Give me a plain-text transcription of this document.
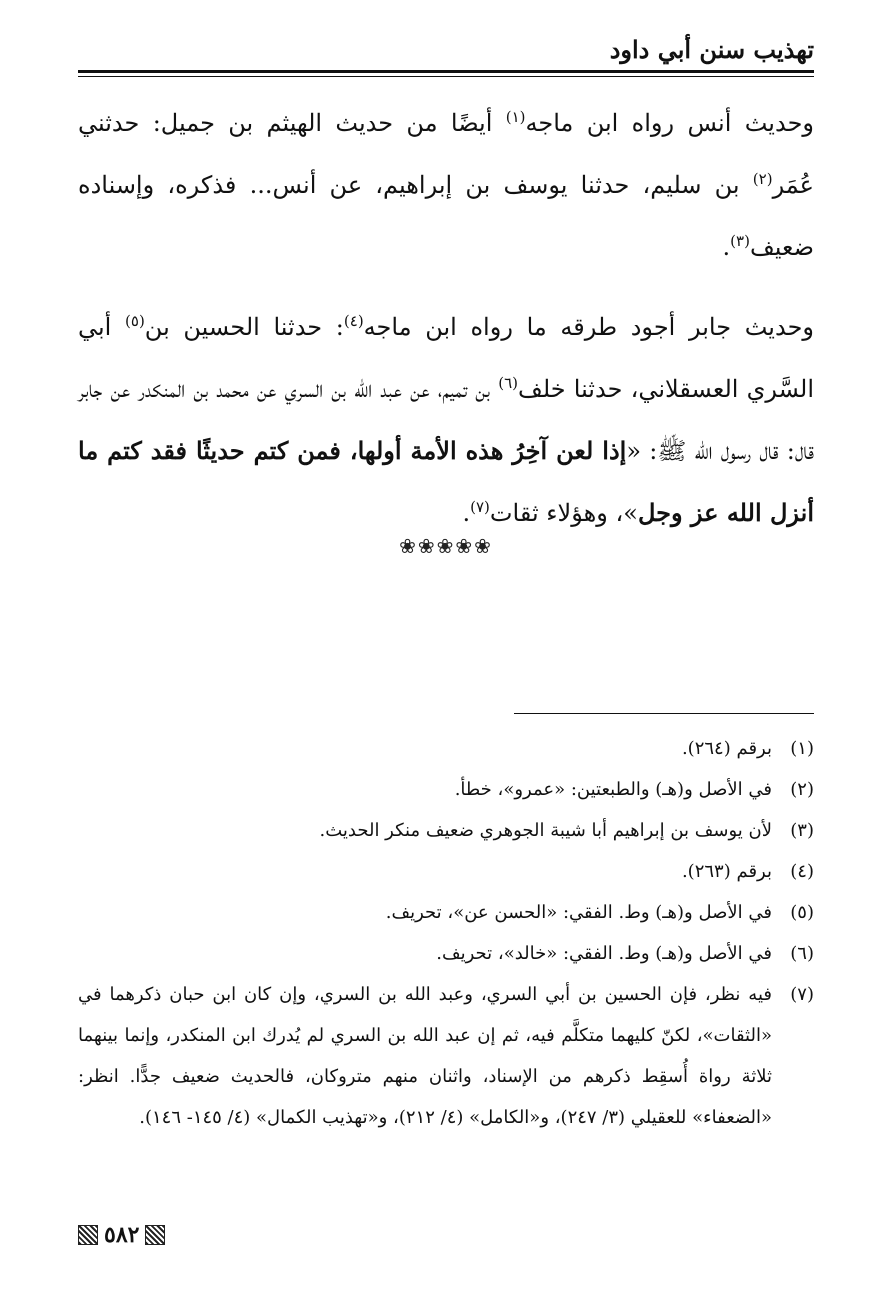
تهذيب سنن أبي داود

وحديث أنس رواه ابن ماجه$^{(١)}$ أيضًا من حديث الهيثم بن جميل: حدثني عُمَر$^{(٢)}$ بن سليم، حدثنا يوسف بن إبراهيم، عن أنس... فذكره، وإسناده ضعيف$^{(٣)}$.

وحديث جابر أجود طرقه ما رواه ابن ماجه$^{(٤)}$: حدثنا الحسين بن$^{(٥)}$ أبي السَّري العسقلاني، حدثنا خلف$^{(٦)}$ بن تميم، عن عبد الله بن السري عن محمد بن المنكدر عن جابر قال: قال رسول الله ﷺ: «إذا لعن آخِرُ هذه الأمة أولها، فمن كتم حديثًا فقد كتم ما أنزل الله عز وجل»، وهؤلاء ثقات$^{(٧)}$.

❀❀❀❀❀
(١)
برقم (٢٦٤).
(٢)
في الأصل و(هـ) والطبعتين: «عمرو»، خطأ.
(٣)
لأن يوسف بن إبراهيم أبا شيبة الجوهري ضعيف منكر الحديث.
(٤)
برقم (٢٦٣).
(٥)
في الأصل و(هـ) وط. الفقي: «الحسن عن»، تحريف.
(٦)
في الأصل و(هـ) وط. الفقي: «خالد»، تحريف.
(٧)
فيه نظر، فإن الحسين بن أبي السري، وعبد الله بن السري، وإن كان ابن حبان ذكرهما في «الثقات»، لكنّ كليهما متكلَّم فيه، ثم إن عبد الله بن السري لم يُدرك ابن المنكدر، وإنما بينهما ثلاثة رواة أُسقِط ذكرهم من الإسناد، واثنان منهم متروكان، فالحديث ضعيف جدًّا. انظر: «الضعفاء» للعقيلي (٣/ ٢٤٧)، و«الكامل» (٤/ ٢١٢)، و«تهذيب الكمال» (٤/ ١٤٥- ١٤٦).
٥٨٢
